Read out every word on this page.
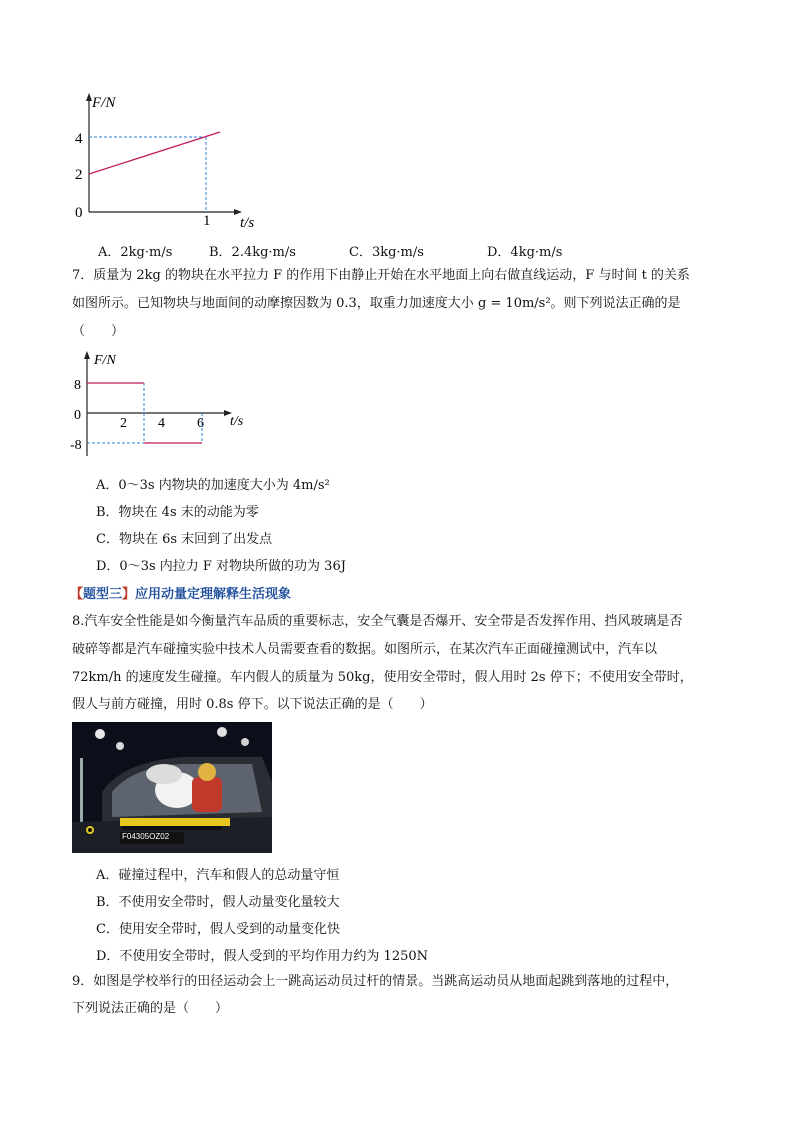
F/N
t/s
4
2
0	1
A．2kg·m/s	B．2.4kg·m/s	C．3kg·m/s	D．4kg·m/s
7．质量为 2kg 的物块在水平拉力 F 的作用下由静止开始在水平地面上向右做直线运动，F 与时间 t 的关系
如图所示。已知物块与地面间的动摩擦因数为 0.3，取重力加速度大小 g = 10m/s²。则下列说法正确的是
（　　）
F/N
t/s
8
0
-8
2 4 6
A．0～3s 内物块的加速度大小为 4m/s²
B．物块在 4s 末的动能为零
C．物块在 6s 末回到了出发点
D．0～3s 内拉力 F 对物块所做的功为 36J
【题型三】应用动量定理解释生活现象
8.汽车安全性能是如今衡量汽车品质的重要标志，安全气囊是否爆开、安全带是否发挥作用、挡风玻璃是否
破碎等都是汽车碰撞实验中技术人员需要查看的数据。如图所示，在某次汽车正面碰撞测试中，汽车以
72km/h 的速度发生碰撞。车内假人的质量为 50kg，使用安全带时，假人用时 2s 停下；不使用安全带时，
假人与前方碰撞，用时 0.8s 停下。以下说法正确的是（　　）
F04305OZ02
A．碰撞过程中，汽车和假人的总动量守恒
B．不使用安全带时，假人动量变化量较大
C．使用安全带时，假人受到的动量变化快
D．不使用安全带时，假人受到的平均作用力约为 1250N
9．如图是学校举行的田径运动会上一跳高运动员过杆的情景。当跳高运动员从地面起跳到落地的过程中，
下列说法正确的是（　　）
